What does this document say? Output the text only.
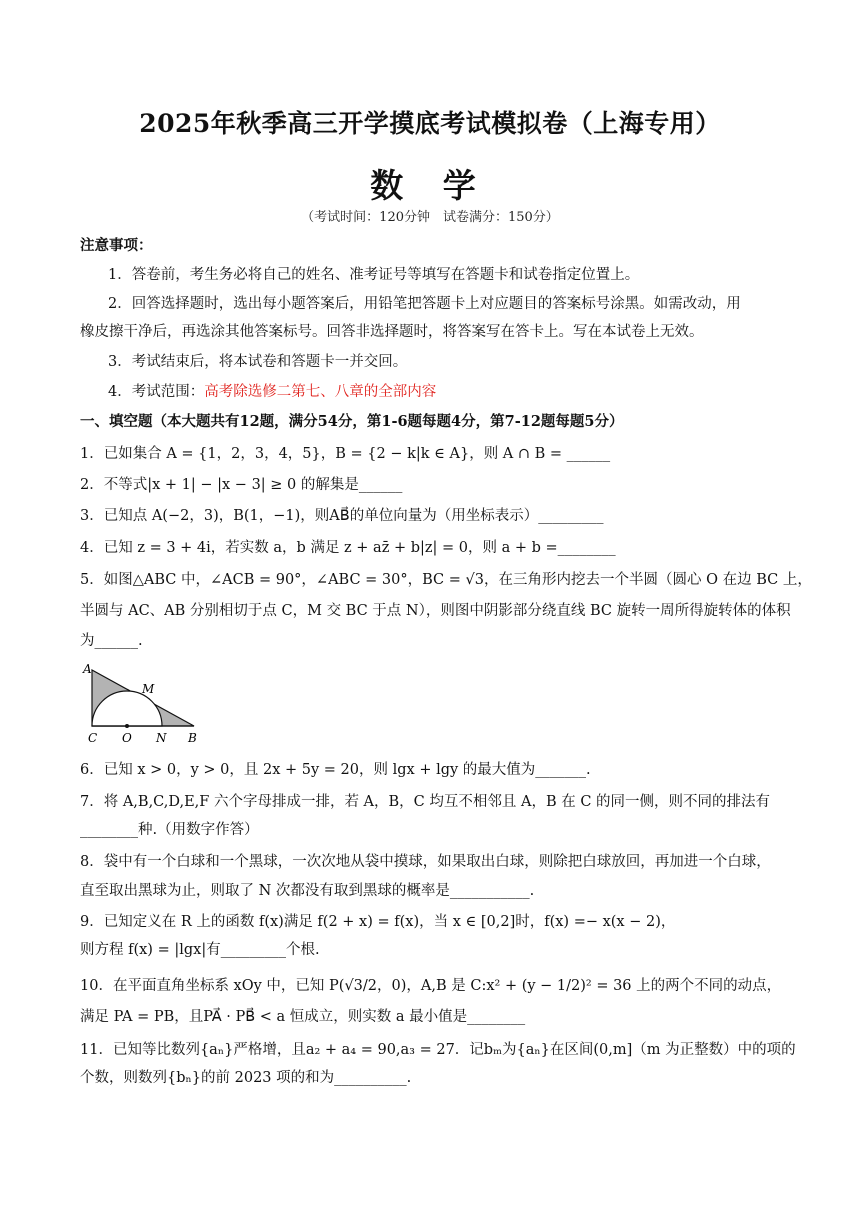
2025年秋季高三开学摸底考试模拟卷（上海专用）
数 学
（考试时间：120分钟　试卷满分：150分）
注意事项：
1．答卷前，考生务必将自己的姓名、准考证号等填写在答题卡和试卷指定位置上。
2．回答选择题时，选出每小题答案后，用铅笔把答题卡上对应题目的答案标号涂黑。如需改动，用
橡皮擦干净后，再选涂其他答案标号。回答非选择题时，将答案写在答卡上。写在本试卷上无效。
3．考试结束后，将本试卷和答题卡一并交回。
4．考试范围：高考除选修二第七、八章的全部内容
一、填空题（本大题共有12题，满分54分，第1-6题每题4分，第7-12题每题5分）
1．已如集合 A = {1，2，3，4，5}，B = {2 − k|k ∈ A}，则 A ∩ B = ______
2．不等式|x + 1| − |x − 3| ≥ 0 的解集是______
3．已知点 A(−2，3)，B(1，−1)，则AB⃗的单位向量为（用坐标表示）_________
4．已知 z = 3 + 4i，若实数 a，b 满足 z + az̄ + b|z| = 0，则 a + b =________
5．如图△ABC 中，∠ACB = 90°，∠ABC = 30°，BC = √3，在三角形内挖去一个半圆（圆心 O 在边 BC 上，
半圆与 AC、AB 分别相切于点 C，M 交 BC 于点 N），则图中阴影部分绕直线 BC 旋转一周所得旋转体的体积
为______.
A
M
C O N B
6．已知 x > 0，y > 0，且 2x + 5y = 20，则 lgx + lgy 的最大值为_______.
7．将 A,B,C,D,E,F 六个字母排成一排，若 A，B，C 均互不相邻且 A，B 在 C 的同一侧，则不同的排法有
________种.（用数字作答）
8．袋中有一个白球和一个黑球，一次次地从袋中摸球，如果取出白球，则除把白球放回，再加进一个白球，
直至取出黑球为止，则取了 N 次都没有取到黑球的概率是___________.
9．已知定义在 R 上的函数 f(x)满足 f(2 + x) = f(x)，当 x ∈ [0,2]时，f(x) =− x(x − 2)，
则方程 f(x) = |lgx|有_________个根.
10．在平面直角坐标系 xOy 中，已知 P(√3/2，0)，A,B 是 C:x² + (y − 1/2)² = 36 上的两个不同的动点，
满足 PA = PB，且PA⃗ · PB⃗ < a 恒成立，则实数 a 最小值是________
11．已知等比数列{aₙ}严格增，且a₂ + a₄ = 90,a₃ = 27．记bₘ为{aₙ}在区间(0,m]（m 为正整数）中的项的
个数，则数列{bₙ}的前 2023 项的和为__________.
